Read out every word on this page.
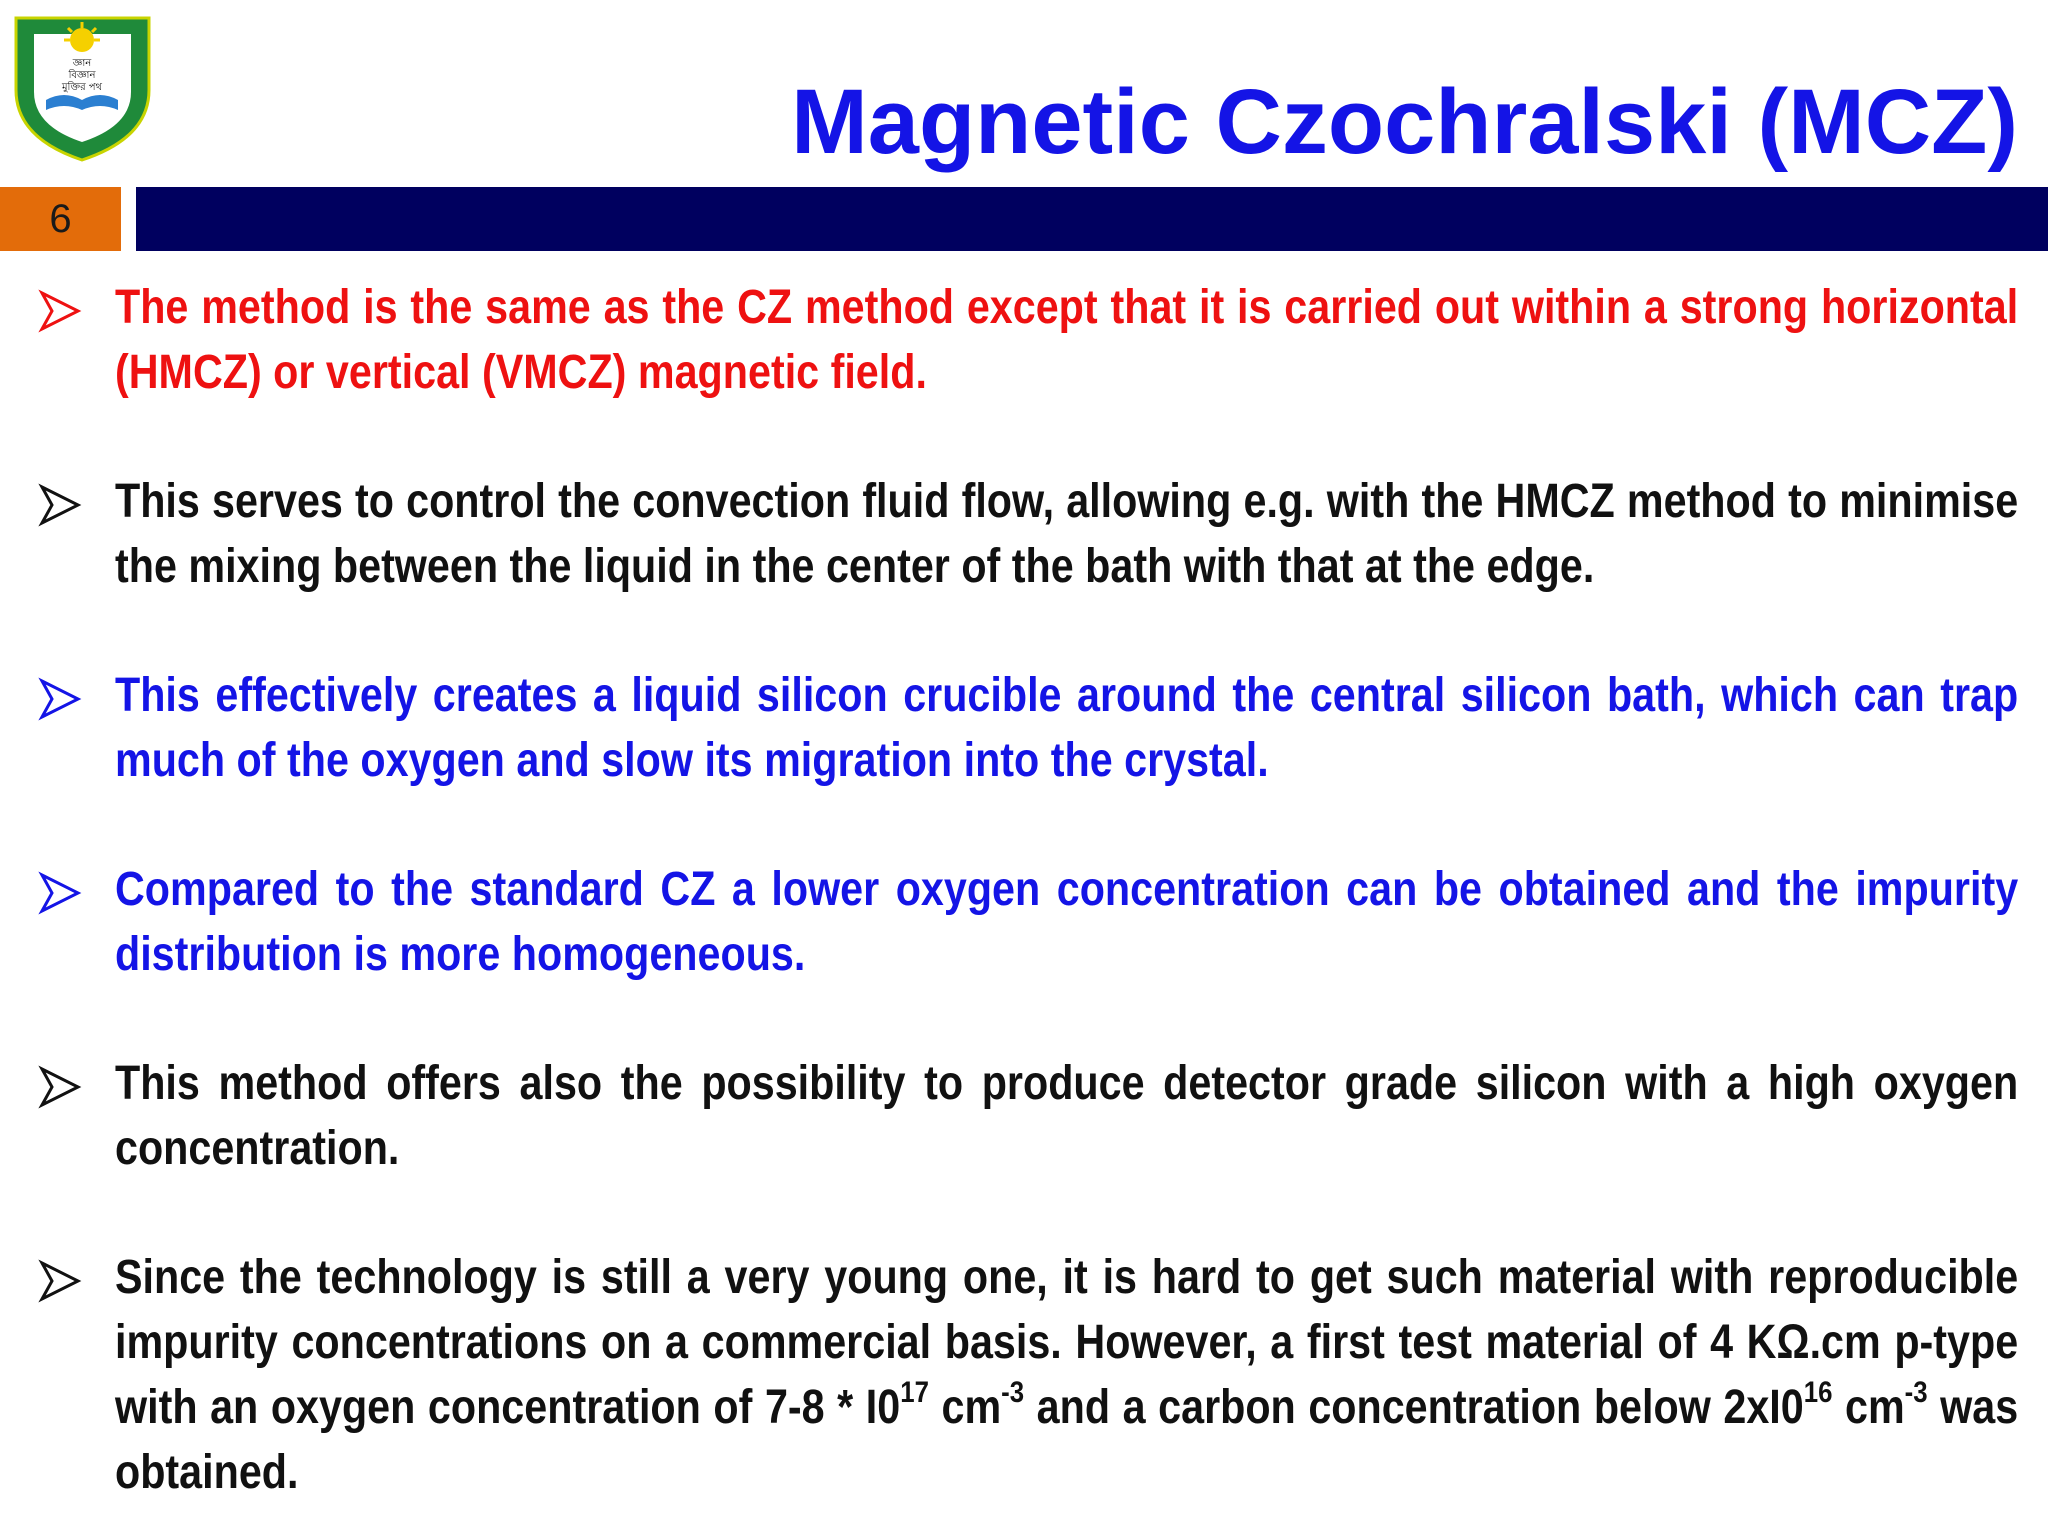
জ্ঞান
বিজ্ঞান
মুক্তির পথ	Magnetic Czochralski (MCZ)
6
The method is the same as the CZ method except that it is carried out within a strong horizontal (HMCZ) or vertical (VMCZ) magnetic field.
This serves to control the convection fluid flow, allowing e.g. with the HMCZ method to minimise the mixing between the liquid in the center of the bath with that at the edge.
This effectively creates a liquid silicon crucible around the central silicon bath, which can trap much of the oxygen and slow its migration into the crystal.
Compared to the standard CZ a lower oxygen concentration can be obtained and the impurity distribution is more homogeneous.
This method offers also the possibility to produce detector grade silicon with a high oxygen concentration.
Since the technology is still a very young one, it is hard to get such material with reproducible impurity concentrations on a commercial basis. However, a first test material of 4 KΩ.cm p-type with an oxygen concentration of $7-8 * I0^{17}$ $cm^{-3}$ and a carbon concentration below $2xI0^{16}$ $cm^{-3}$ was obtained.
